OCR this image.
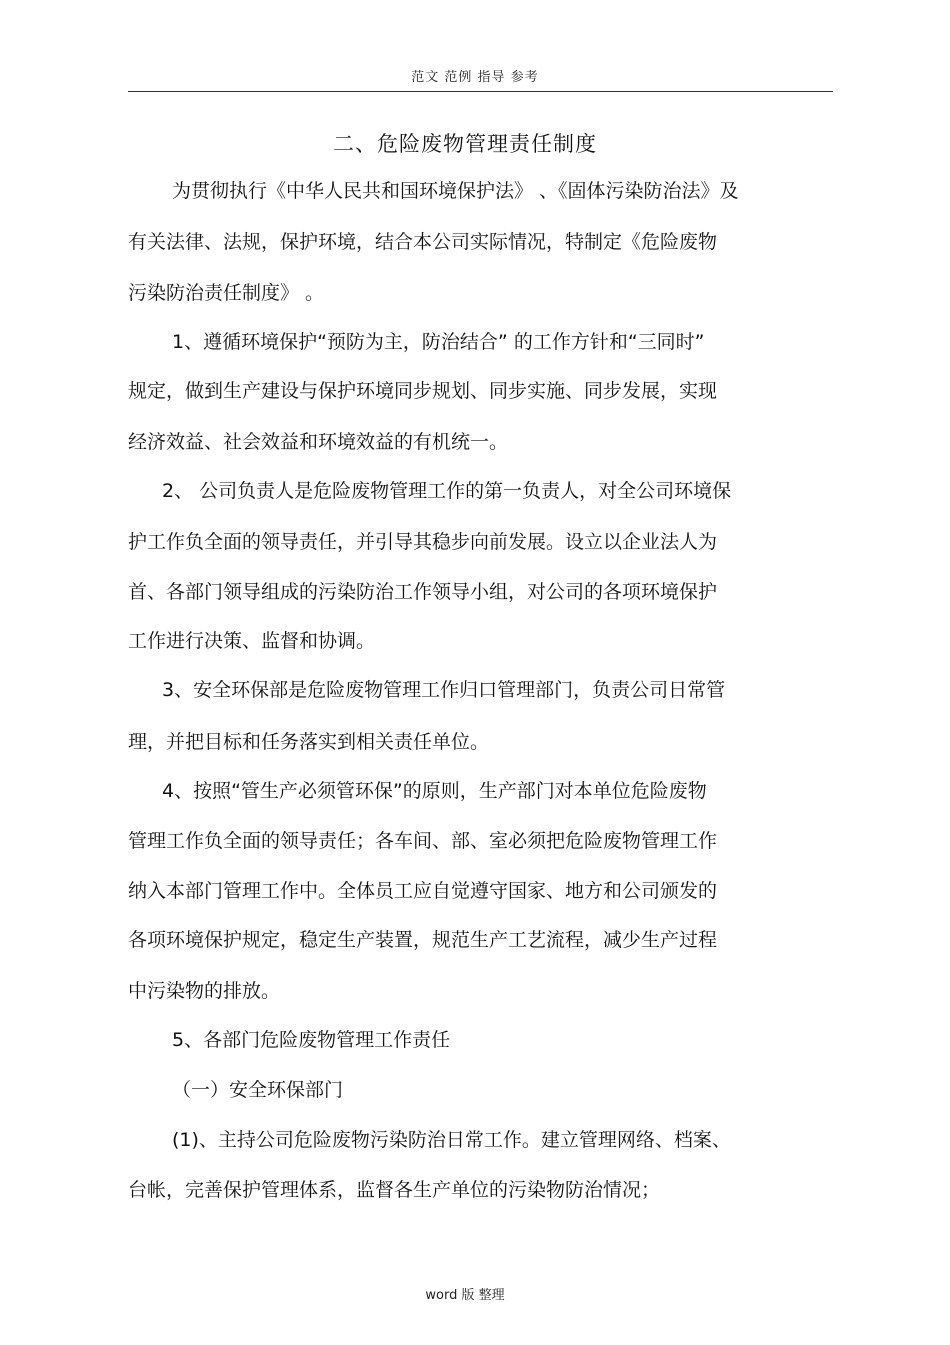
范文 范例 指导 参考
二、危险废物管理责任制度
为贯彻执行《中华人民共和国环境保护法》 、《固体污染防治法》及
有关法律、法规，保护环境，结合本公司实际情况，特制定《危险废物
污染防治责任制度》 。
1、遵循环境保护“预防为主，防治结合” 的工作方针和“三同时”
规定，做到生产建设与保护环境同步规划、同步实施、同步发展，实现
经济效益、社会效益和环境效益的有机统一。
2、 公司负责人是危险废物管理工作的第一负责人，对全公司环境保
护工作负全面的领导责任，并引导其稳步向前发展。设立以企业法人为
首、各部门领导组成的污染防治工作领导小组，对公司的各项环境保护
工作进行决策、监督和协调。
3、安全环保部是危险废物管理工作归口管理部门，负责公司日常管
理，并把目标和任务落实到相关责任单位。
4、按照“管生产必须管环保”的原则，生产部门对本单位危险废物
管理工作负全面的领导责任；各车间、部、室必须把危险废物管理工作
纳入本部门管理工作中。全体员工应自觉遵守国家、地方和公司颁发的
各项环境保护规定，稳定生产装置，规范生产工艺流程，减少生产过程
中污染物的排放。
5、各部门危险废物管理工作责任
（一）安全环保部门
(1)、主持公司危险废物污染防治日常工作。建立管理网络、档案、
台帐，完善保护管理体系，监督各生产单位的污染物防治情况；
word 版 整理
